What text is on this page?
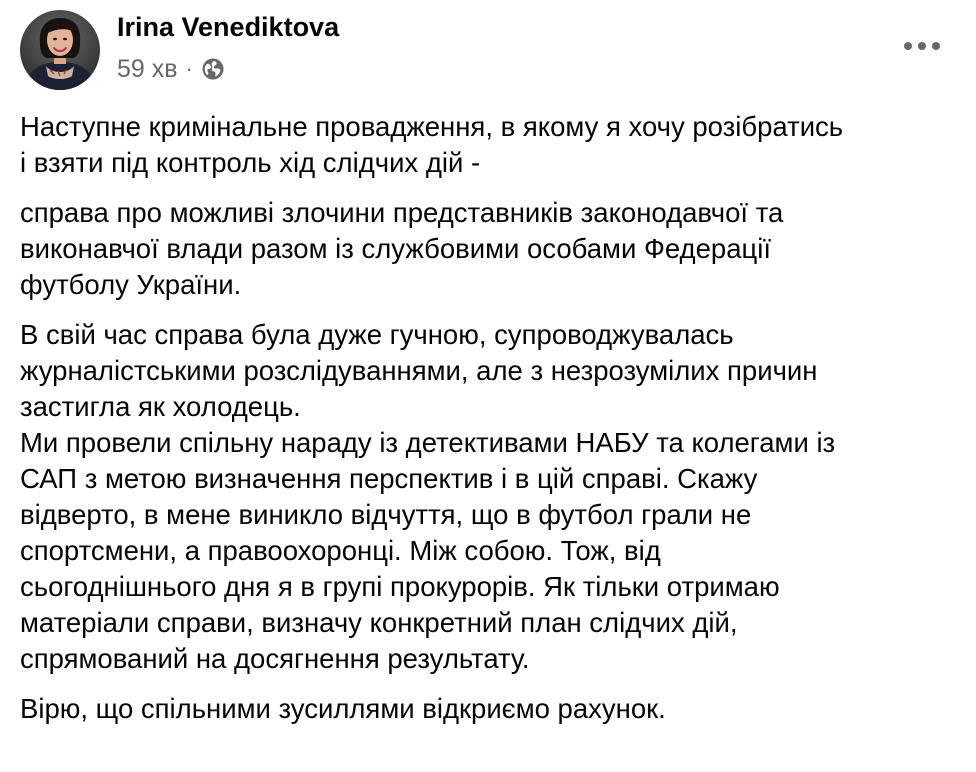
Irina Venediktova
59 хв ·

Наступне кримінальне провадження, в якому я хочу розібратись
і взяти під контроль хід слідчих дій -

справа про можливі злочини представників законодавчої та
виконавчої влади разом із службовими особами Федерації
футболу України.

В свій час справа була дуже гучною, супроводжувалась
журналістськими розслідуваннями, але з незрозумілих причин
застигла як холодець.
Ми провели спільну нараду із детективами НАБУ та колегами із
САП з метою визначення перспектив і в цій справі. Скажу
відверто, в мене виникло відчуття, що в футбол грали не
спортсмени, а правоохоронці. Між собою. Тож, від
сьогоднішнього дня я в групі прокурорів. Як тільки отримаю
матеріали справи, визначу конкретний план слідчих дій,
спрямований на досягнення результату.

Вірю, що спільними зусиллями відкриємо рахунок.
